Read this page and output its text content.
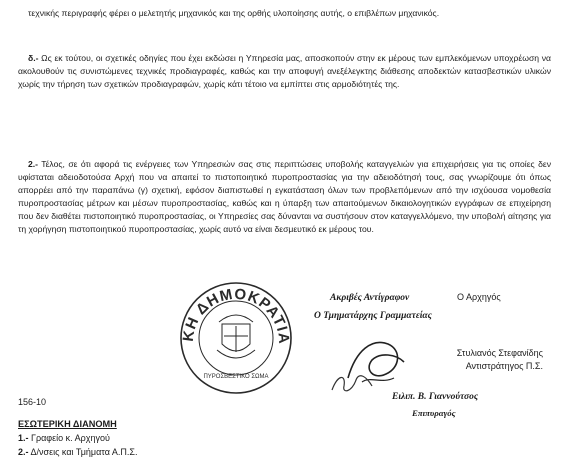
τεχνικής περιγραφής φέρει ο μελετητής μηχανικός και της ορθής υλοποίησης αυτής, ο επιβλέπων μηχανικός.

δ.- Ως εκ τούτου, οι σχετικές οδηγίες που έχει εκδώσει η Υπηρεσία μας, αποσκοπούν στην εκ μέρους των εμπλεκόμενων υποχρέωση να ακολουθούν τις συνιστώμενες τεχνικές προδιαγραφές, καθώς και την αποφυγή ανεξέλεγκτης διάθεσης αποδεκτών κατασβεστικών υλικών χωρίς την τήρηση των σχετικών προδιαγραφών, χωρίς κάτι τέτοιο να εμπίπτει στις αρμοδιότητές της.

2.- Τέλος, σε ότι αφορά τις ενέργειες των Υπηρεσιών σας στις περιπτώσεις υποβολής καταγγελιών για επιχειρήσεις για τις οποίες δεν υφίσταται αδειοδοτούσα Αρχή που να απαιτεί το πιστοποιητικό πυροπροστασίας για την αδειοδότησή τους, σας γνωρίζουμε ότι όπως απορρέει από την παραπάνω (γ) σχετική, εφόσον διαπιστωθεί η εγκατάσταση όλων των προβλεπόμενων από την ισχύουσα νομοθεσία πυροπροστασίας μέτρων και μέσων πυροπροστασίας, καθώς και η ύπαρξη των απαιτούμενων δικαιολογητικών εγγράφων σε επιχείρηση που δεν διαθέτει πιστοποιητικό πυροπροστασίας, οι Υπηρεσίες σας δύνανται να συστήσουν στον καταγγελλόμενο, την υποβολή αίτησης για τη χορήγηση πιστοποιητικού πυροπροστασίας, χωρίς αυτό να είναι δεσμευτικό εκ μέρους του.

ΚΗ ΔΗΜΟΚΡΑΤΙΑ
ΠΥΡΟΣΒΕΣΤΙΚΟ ΣΩΜΑ
Ακριβές Αντίγραφον
Ο Τμηματάρχης Γραμματείας
Ειλιπ. Β. Γιαννούτσος
Επιπυραγός
Ο Αρχηγός
Στυλιανός Στεφανίδης
Αντιστράτηγος Π.Σ.
156-10
ΕΣΩΤΕΡΙΚΗ ΔΙΑΝΟΜΗ
1.- Γραφείο κ. Αρχηγού
2.- Δ/νσεις και Τμήματα Α.Π.Σ.
